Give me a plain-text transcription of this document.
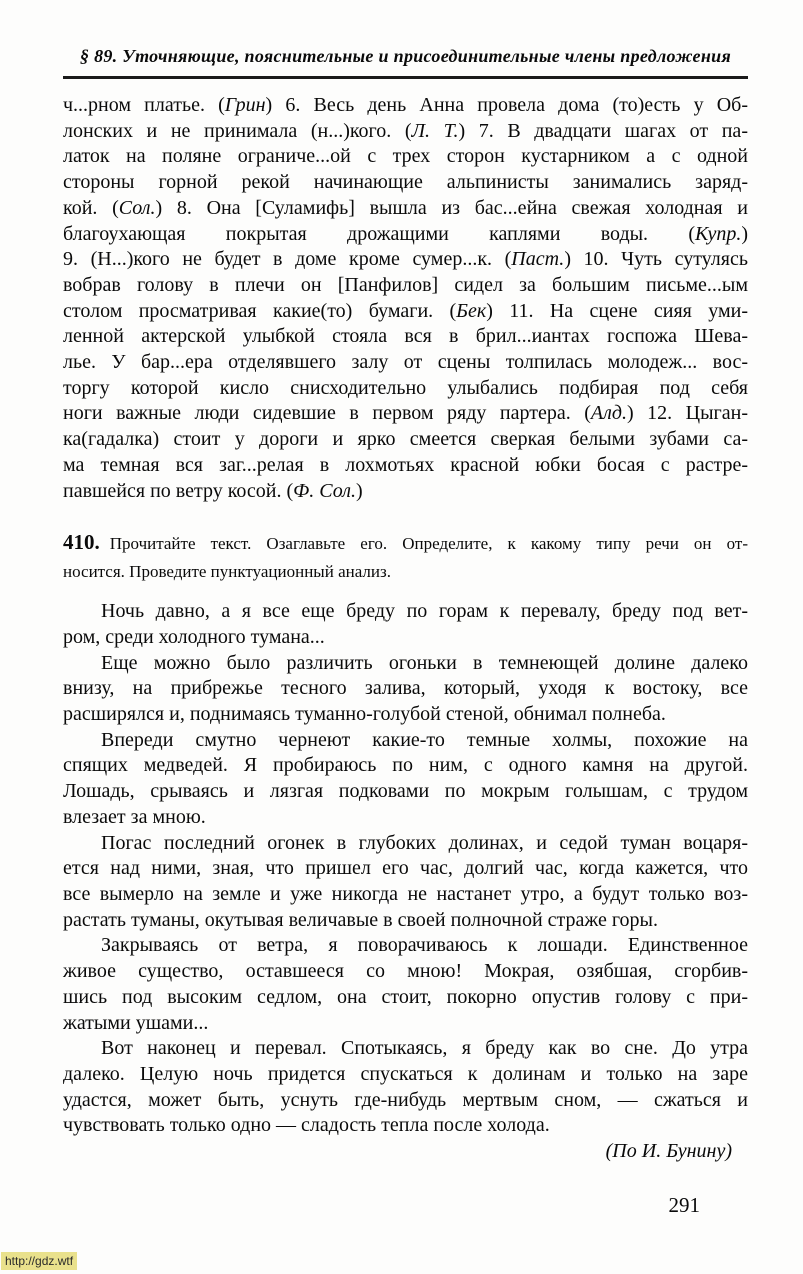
§ 89. Уточняющие, пояснительные и присоединительные члены предложения
ч...рном платье. (Грин) 6. Весь день Анна провела дома (то)есть у Об-
лонских и не принимала (н...)кого. (Л. Т.) 7. В двадцати шагах от па-
латок на поляне ограниче...ой с трех сторон кустарником а с одной
стороны горной рекой начинающие альпинисты занимались заряд-
кой. (Сол.) 8. Она [Суламифь] вышла из бас...ейна свежая холодная и
благоухающая покрытая дрожащими каплями воды. (Купр.)
9. (Н...)кого не будет в доме кроме сумер...к. (Паст.) 10. Чуть сутулясь
вобрав голову в плечи он [Панфилов] сидел за большим письме...ым
столом просматривая какие(то) бумаги. (Бек) 11. На сцене сияя уми-
ленной актерской улыбкой стояла вся в брил...иантах госпожа Шева-
лье. У бар...ера отделявшего залу от сцены толпилась молодеж... вос-
торгу которой кисло снисходительно улыбались подбирая под себя
ноги важные люди сидевшие в первом ряду партера. (Алд.) 12. Цыган-
ка(гадалка) стоит у дороги и ярко смеется сверкая белыми зубами са-
ма темная вся заг...релая в лохмотьях красной юбки босая с растре-
павшейся по ветру косой. (Ф. Сол.)
410. Прочитайте текст. Озаглавьте его. Определите, к какому типу речи он от-
носится. Проведите пунктуационный анализ.
Ночь давно, а я все еще бреду по горам к перевалу, бреду под вет-
ром, среди холодного тумана...
Еще можно было различить огоньки в темнеющей долине далеко
внизу, на прибрежье тесного залива, который, уходя к востоку, все
расширялся и, поднимаясь туманно-голубой стеной, обнимал полнеба.
Впереди смутно чернеют какие-то темные холмы, похожие на
спящих медведей. Я пробираюсь по ним, с одного камня на другой.
Лошадь, срываясь и лязгая подковами по мокрым голышам, с трудом
влезает за мною.
Погас последний огонек в глубоких долинах, и седой туман воцаря-
ется над ними, зная, что пришел его час, долгий час, когда кажется, что
все вымерло на земле и уже никогда не настанет утро, а будут только воз-
растать туманы, окутывая величавые в своей полночной страже горы.
Закрываясь от ветра, я поворачиваюсь к лошади. Единственное
живое существо, оставшееся со мною! Мокрая, озябшая, сгорбив-
шись под высоким седлом, она стоит, покорно опустив голову с при-
жатыми ушами...
Вот наконец и перевал. Спотыкаясь, я бреду как во сне. До утра
далеко. Целую ночь придется спускаться к долинам и только на заре
удастся, может быть, уснуть где-нибудь мертвым сном, — сжаться и
чувствовать только одно — сладость тепла после холода.
(По И. Бунину)
291
http://gdz.wtf
